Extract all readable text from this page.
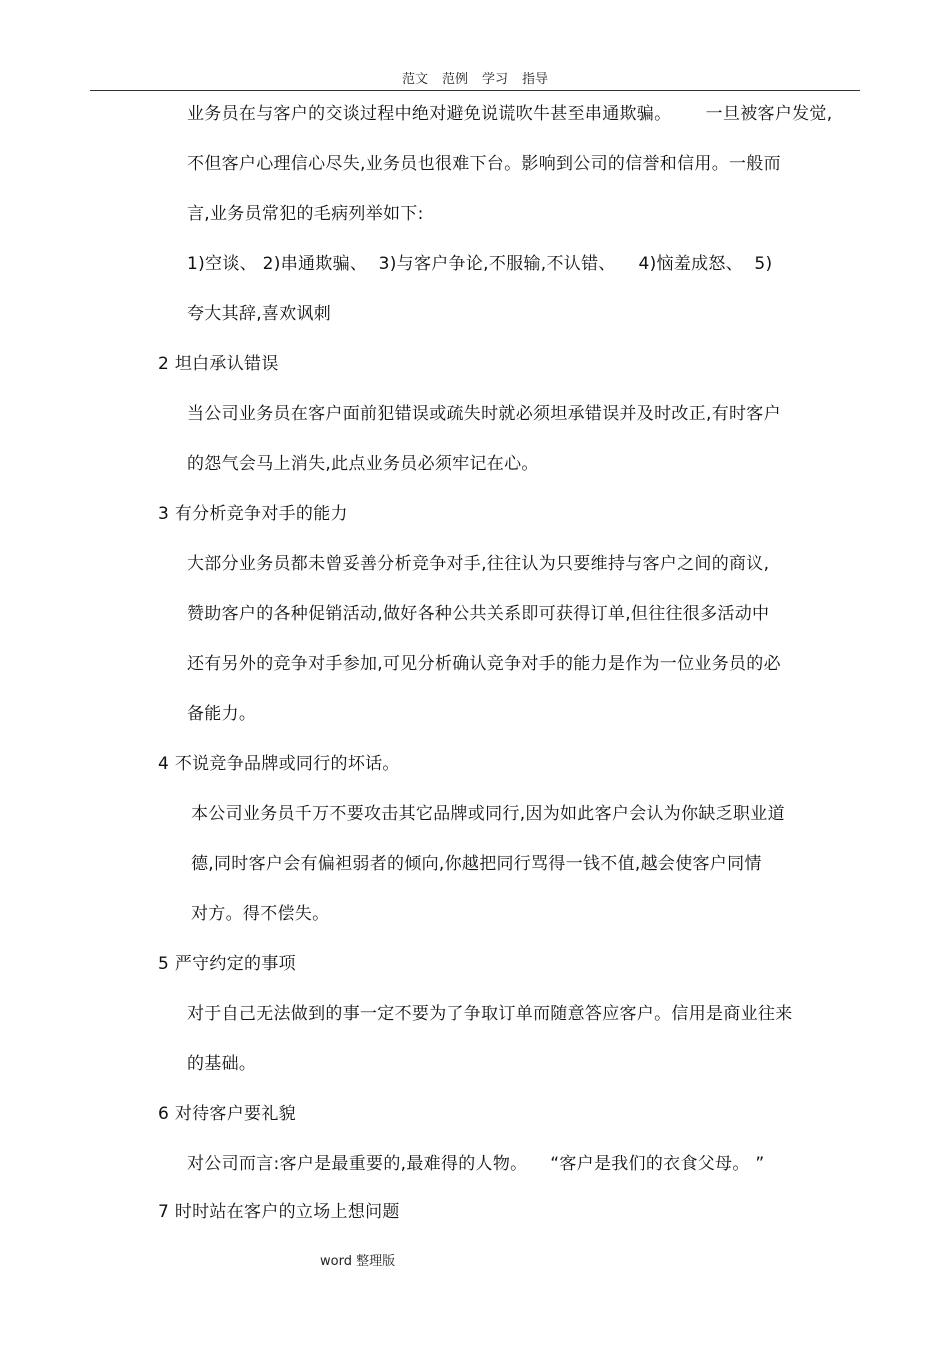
范文 范例 学习 指导
业务员在与客户的交谈过程中绝对避免说谎吹牛甚至串通欺骗。      一旦被客户发觉,
不但客户心理信心尽失,业务员也很难下台。影响到公司的信誉和信用。一般而
言,业务员常犯的毛病列举如下:
1)空谈、 2)串通欺骗、  3)与客户争论,不服输,不认错、    4)恼羞成怒、  5)
夸大其辞,喜欢讽刺
2 坦白承认错误
当公司业务员在客户面前犯错误或疏失时就必须坦承错误并及时改正,有时客户
的怨气会马上消失,此点业务员必须牢记在心。
3 有分析竞争对手的能力
大部分业务员都未曾妥善分析竞争对手,往往认为只要维持与客户之间的商议,
赞助客户的各种促销活动,做好各种公共关系即可获得订单,但往往很多活动中
还有另外的竞争对手参加,可见分析确认竞争对手的能力是作为一位业务员的必
备能力。
4 不说竞争品牌或同行的坏话。
本公司业务员千万不要攻击其它品牌或同行,因为如此客户会认为你缺乏职业道
德,同时客户会有偏袒弱者的倾向,你越把同行骂得一钱不值,越会使客户同情
对方。得不偿失。
5 严守约定的事项
对于自己无法做到的事一定不要为了争取订单而随意答应客户。信用是商业往来
的基础。
6 对待客户要礼貌
对公司而言:客户是最重要的,最难得的人物。    “客户是我们的衣食父母。 ”
7 时时站在客户的立场上想问题
word 整理版
